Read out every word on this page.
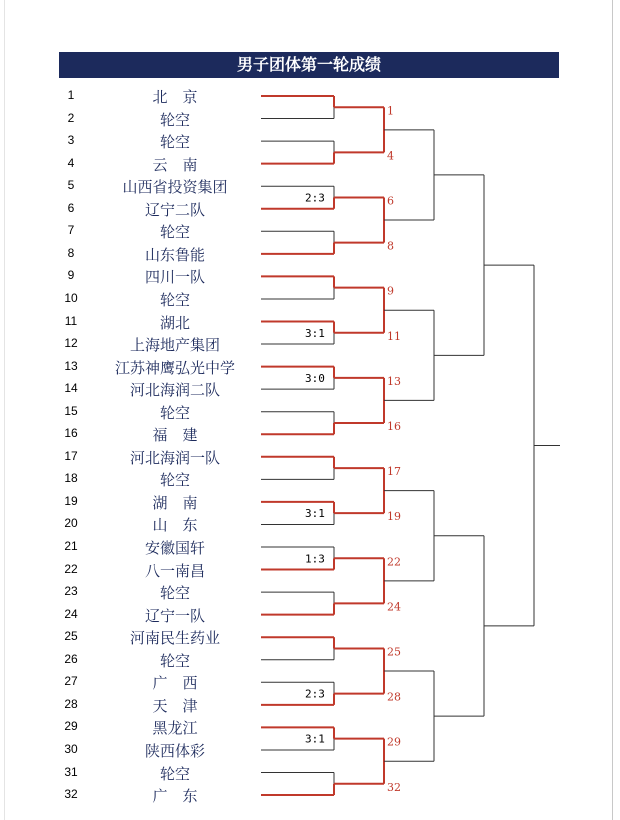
男子团体第一轮成绩
1	北　京
2	轮空
3	轮空
4	云　南
5	山西省投资集团
6	辽宁二队
7	轮空
8	山东鲁能
9	四川一队
10	轮空
11	湖北
12	上海地产集团
13	江苏神鹰弘光中学
14	河北海润二队
15	轮空
16	福　建
17	河北海润一队
18	轮空
19	湖　南
20	山　东
21	安徽国轩
22	八一南昌
23	轮空
24	辽宁一队
25	河南民生药业
26	轮空
27	广　西
28	天　津
29	黑龙江
30	陕西体彩
31	轮空
32	广　东
2:3
3:1
3:0
3:1
1:3
2:3
3:1
1
4
6
8
9
11
13
16
17
19
22
24
25
28
29
32
